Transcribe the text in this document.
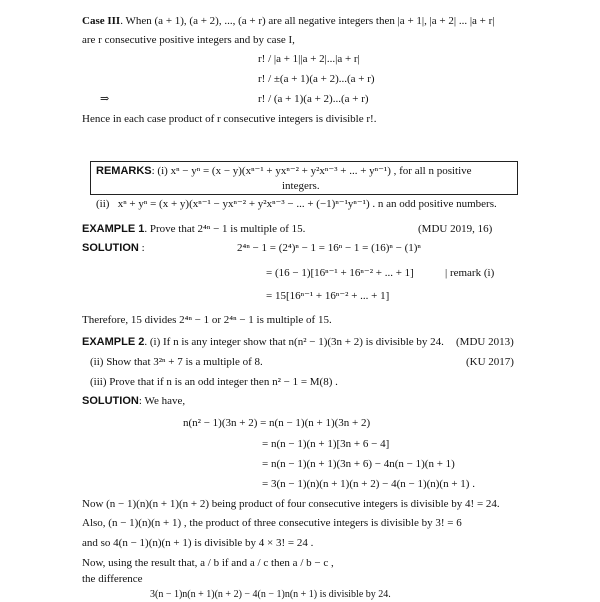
Case III. When (a + 1), (a + 2), ..., (a + r) are all negative integers then |a + 1|, |a + 2| ... |a + r|
are r consecutive positive integers and by case I,
r! / |a + 1||a + 2|...|a + r|
r! / ±(a + 1)(a + 2)...(a + r)
⇒	r! / (a + 1)(a + 2)...(a + r)
Hence in each case product of r consecutive integers is divisible r!.
REMARKS: (i) xⁿ − yⁿ = (x − y)(xⁿ⁻¹ + yxⁿ⁻² + y²xⁿ⁻³ + ... + yⁿ⁻¹) , for all n positive
integers.
(ii) xⁿ + yⁿ = (x + y)(xⁿ⁻¹ − yxⁿ⁻² + y²xⁿ⁻³ − ... + (−1)ⁿ⁻¹yⁿ⁻¹) . n an odd positive numbers.
EXAMPLE 1. Prove that 2⁴ⁿ − 1 is multiple of 15.	(MDU 2019, 16)
SOLUTION :	2⁴ⁿ − 1 = (2⁴)ⁿ − 1 = 16ⁿ − 1 = (16)ⁿ − (1)ⁿ
= (16 − 1)[16ⁿ⁻¹ + 16ⁿ⁻² + ... + 1]	| remark (i)
= 15[16ⁿ⁻¹ + 16ⁿ⁻² + ... + 1]
Therefore, 15 divides 2⁴ⁿ − 1 or 2⁴ⁿ − 1 is multiple of 15.
EXAMPLE 2. (i) If n is any integer show that n(n² − 1)(3n + 2) is divisible by 24. (MDU 2013)
(ii) Show that 3²ⁿ + 7 is a multiple of 8.	(KU 2017)
(iii) Prove that if n is an odd integer then n² − 1 = M(8) .
SOLUTION: We have,
n(n² − 1)(3n + 2) = n(n − 1)(n + 1)(3n + 2)
= n(n − 1)(n + 1)[3n + 6 − 4]
= n(n − 1)(n + 1)(3n + 6) − 4n(n − 1)(n + 1)
= 3(n − 1)(n)(n + 1)(n + 2) − 4(n − 1)(n)(n + 1) .
Now (n − 1)(n)(n + 1)(n + 2) being product of four consecutive integers is divisible by 4! = 24.
Also, (n − 1)(n)(n + 1) , the product of three consecutive integers is divisible by 3! = 6
and so 4(n − 1)(n)(n + 1) is divisible by 4 × 3! = 24 .
Now, using the result that, a / b if and a / c then a / b − c ,
the difference
3(n − 1)n(n + 1)(n + 2) − 4(n − 1)n(n + 1) is divisible by 24.
